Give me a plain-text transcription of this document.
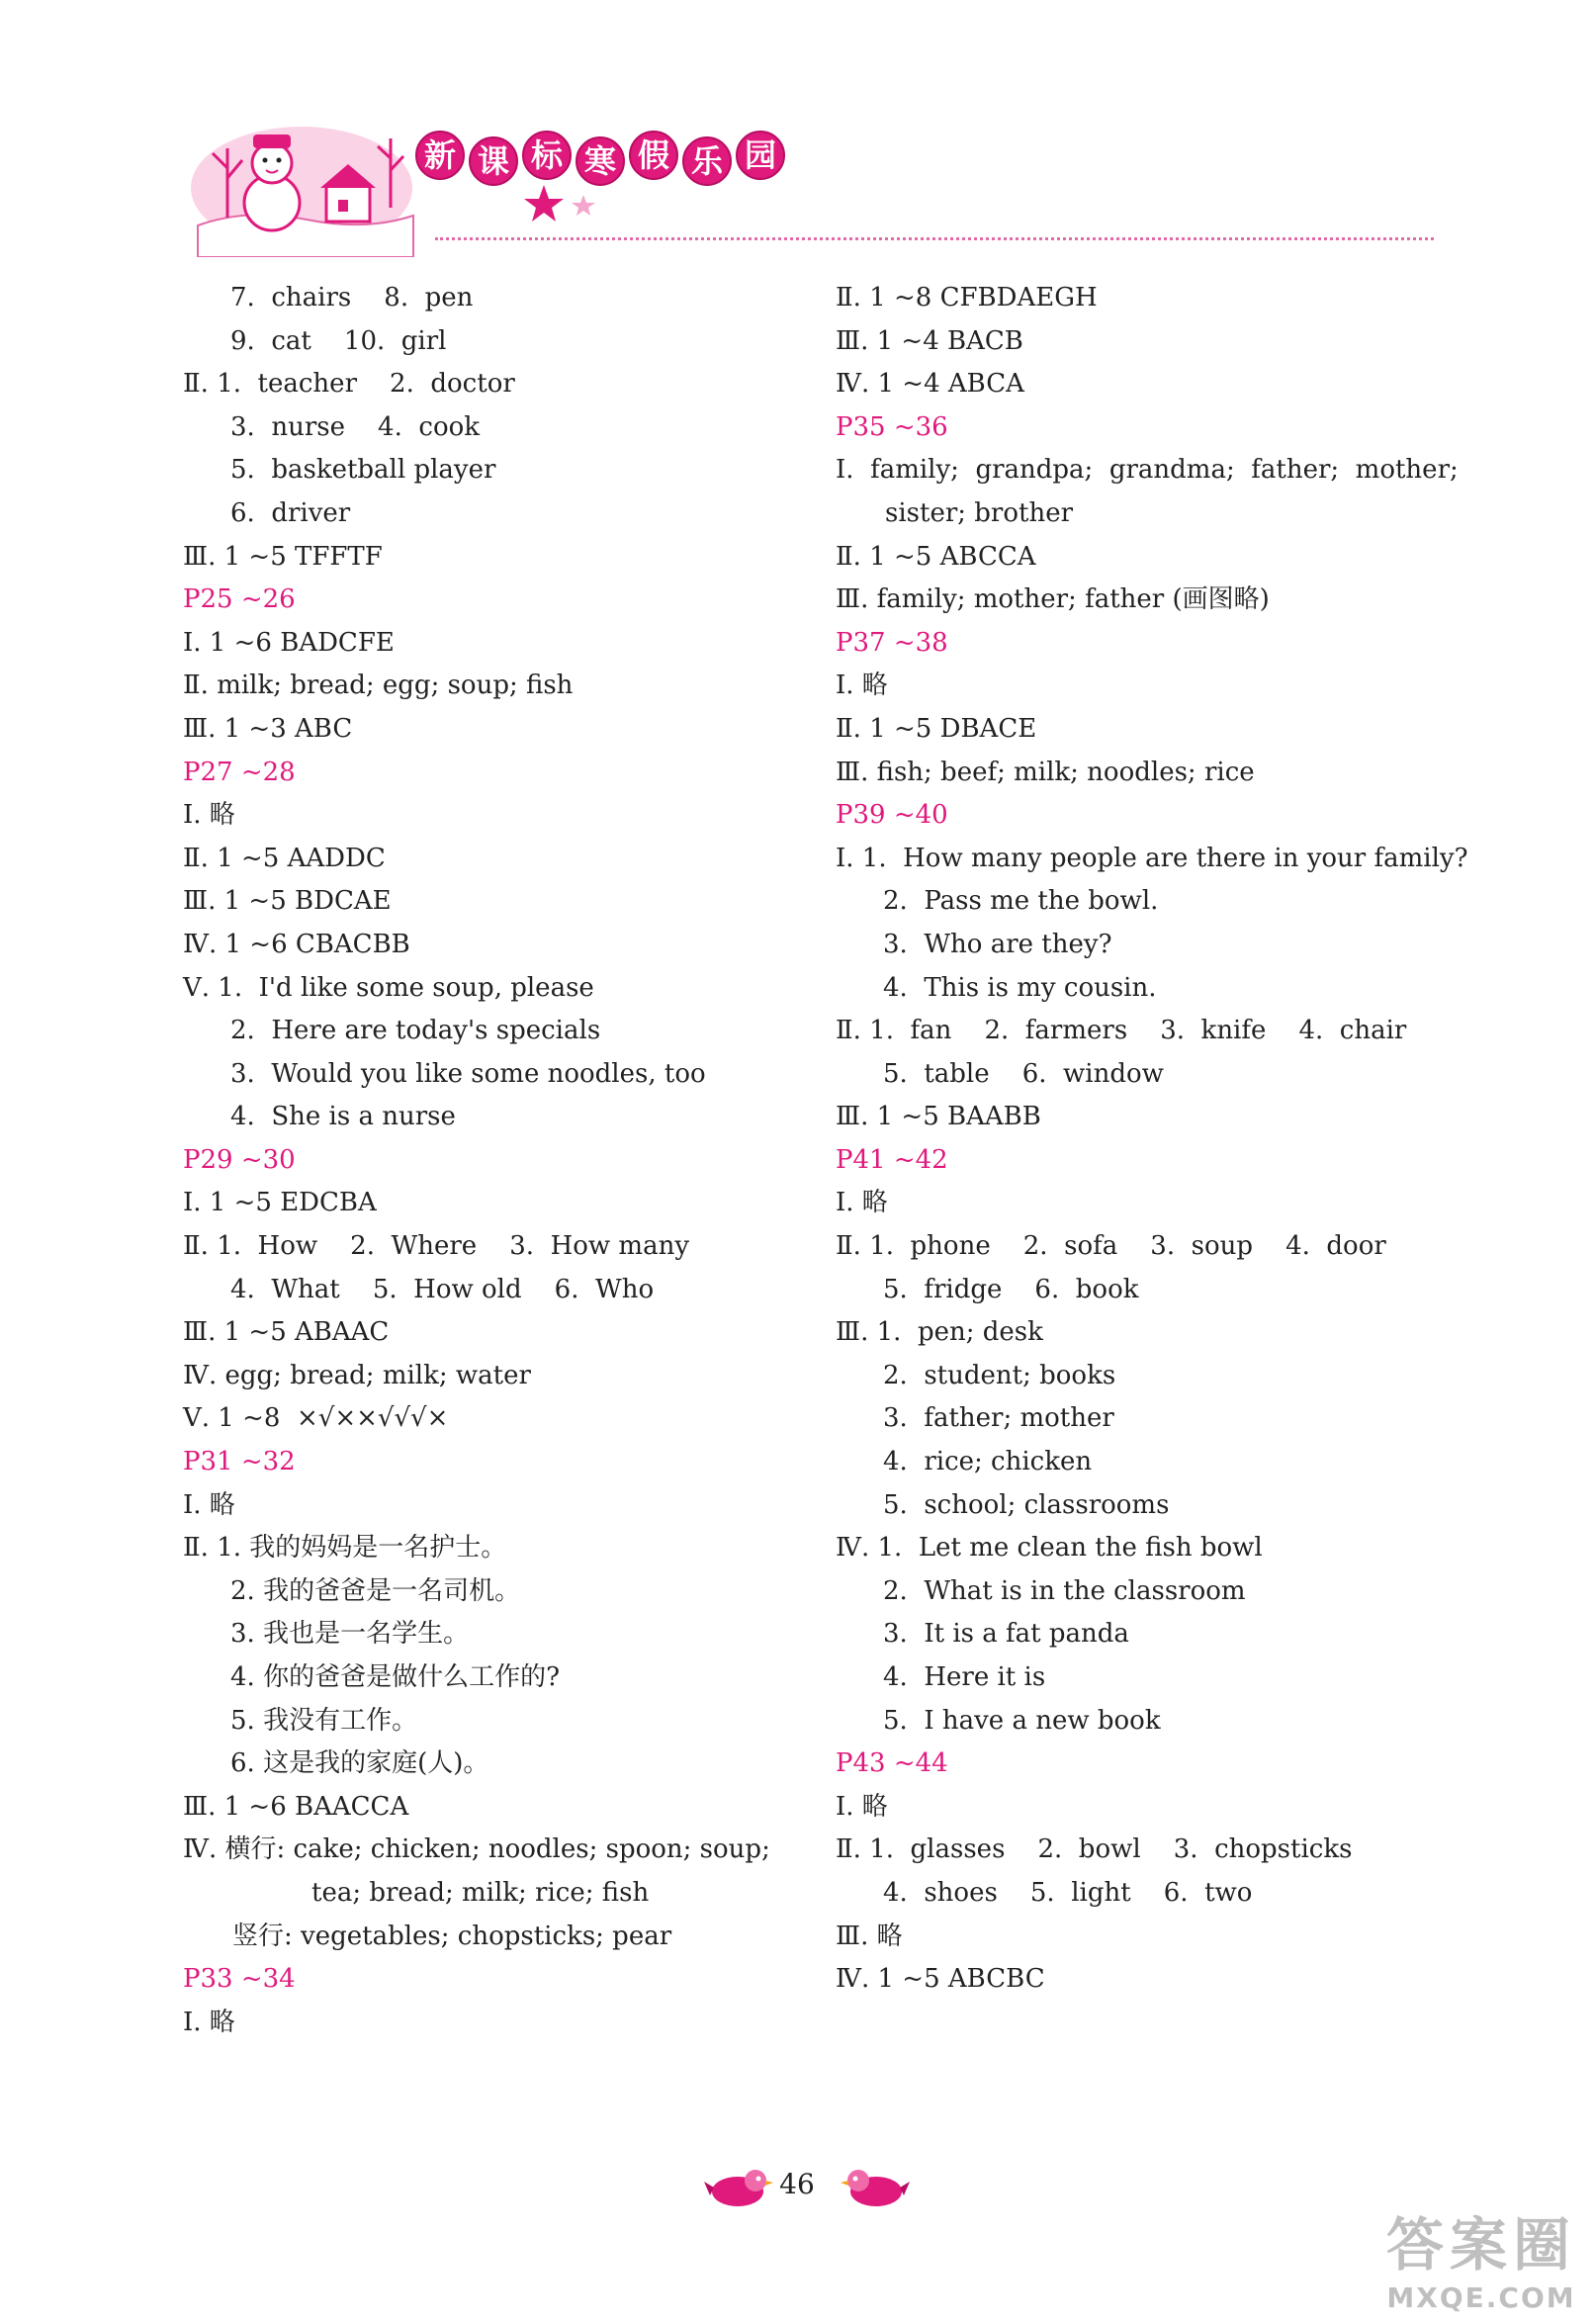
新 课 标 寒 假 乐 园
7.  chairs    8.  pen
9.  cat    10.  girl
Ⅱ. 1.  teacher    2.  doctor
3.  nurse    4.  cook
5.  basketball player
6.  driver
Ⅲ. 1 ~5 TFFTF
P25 ~26
Ⅰ. 1 ~6 BADCFE
Ⅱ. milk; bread; egg; soup; fish
Ⅲ. 1 ~3 ABC
P27 ~28
Ⅰ. 略
Ⅱ. 1 ~5 AADDC
Ⅲ. 1 ~5 BDCAE
Ⅳ. 1 ~6 CBACBB
Ⅴ. 1.  I'd like some soup, please
2.  Here are today's specials
3.  Would you like some noodles, too
4.  She is a nurse
P29 ~30
Ⅰ. 1 ~5 EDCBA
Ⅱ. 1.  How    2.  Where    3.  How many
4.  What    5.  How old    6.  Who
Ⅲ. 1 ~5 ABAAC
Ⅳ. egg; bread; milk; water
Ⅴ. 1 ~8  ×√××√√√×
P31 ~32
Ⅰ. 略
Ⅱ. 1. 我的妈妈是一名护士。
2. 我的爸爸是一名司机。
3. 我也是一名学生。
4. 你的爸爸是做什么工作的?
5. 我没有工作。
6. 这是我的家庭(人)。
Ⅲ. 1 ~6 BAACCA
Ⅳ. 横行: cake; chicken; noodles; spoon; soup;
tea; bread; milk; rice; fish
竖行: vegetables; chopsticks; pear
P33 ~34
Ⅰ. 略
Ⅱ. 1 ~8 CFBDAEGH
Ⅲ. 1 ~4 BACB
Ⅳ. 1 ~4 ABCA
P35 ~36
Ⅰ.  family;  grandpa;  grandma;  father;  mother;
sister; brother
Ⅱ. 1 ~5 ABCCA
Ⅲ. family; mother; father (画图略)
P37 ~38
Ⅰ. 略
Ⅱ. 1 ~5 DBACE
Ⅲ. fish; beef; milk; noodles; rice
P39 ~40
Ⅰ. 1.  How many people are there in your family?
2.  Pass me the bowl.
3.  Who are they?
4.  This is my cousin.
Ⅱ. 1.  fan    2.  farmers    3.  knife    4.  chair
5.  table    6.  window
Ⅲ. 1 ~5 BAABB
P41 ~42
Ⅰ. 略
Ⅱ. 1.  phone    2.  sofa    3.  soup    4.  door
5.  fridge    6.  book
Ⅲ. 1.  pen; desk
2.  student; books
3.  father; mother
4.  rice; chicken
5.  school; classrooms
Ⅳ. 1.  Let me clean the fish bowl
2.  What is in the classroom
3.  It is a fat panda
4.  Here it is
5.  I have a new book
P43 ~44
Ⅰ. 略
Ⅱ. 1.  glasses    2.  bowl    3.  chopsticks
4.  shoes    5.  light    6.  two
Ⅲ. 略
Ⅳ. 1 ~5 ABCBC
46
答案圈
MXQE.COM
